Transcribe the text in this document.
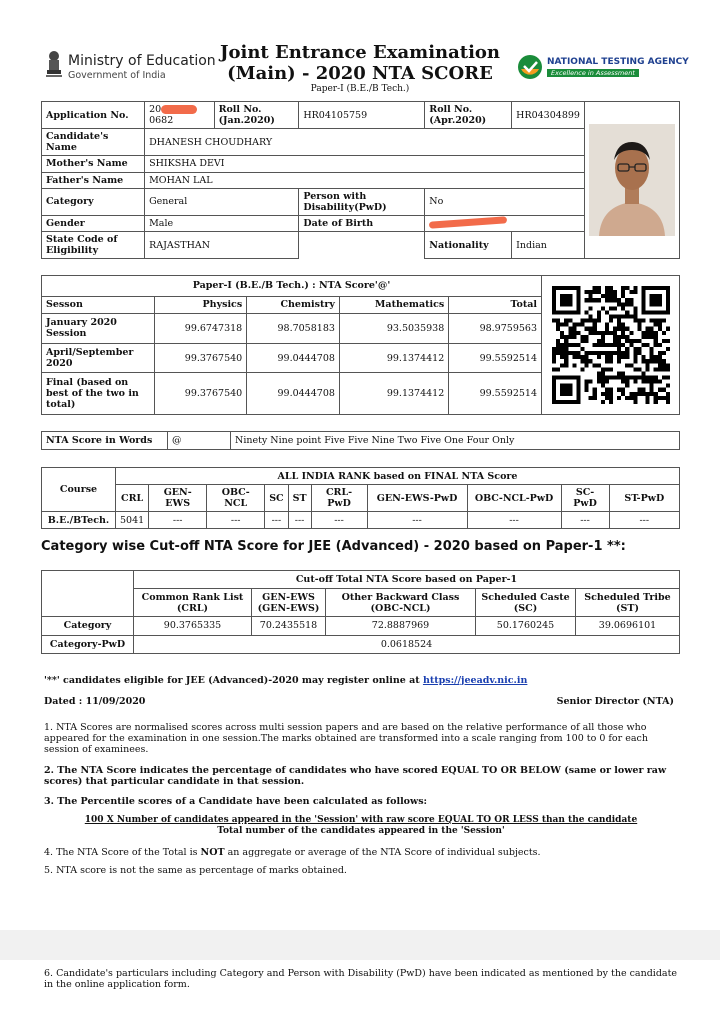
Ministry of Education
Government of India
Joint Entrance Examination
(Main) - 2020 NTA SCORE
Paper-I (B.E./B Tech.)
NATIONAL TESTING AGENCY
Excellence in Assessment
Application No.	200682	Roll No. (Jan.2020)	HR04105759	Roll No. (Apr.2020)	HR04304899	

Candidate's Name	DHANESH CHOUDHARY					
Mother's Name	SHIKSHA DEVI					
Father's Name	MOHAN LAL					
Category	General		Person with Disability(PwD)	No		
Gender	Male		Date of Birth			
State Code of Eligibility	RAJASTHAN			Nationality	Indian	
Paper-I (B.E./B Tech.) : NTA Score'@'				
Sesson	Physics	Chemistry	Mathematics	Total
January 2020 Session	99.6747318	98.7058183	93.5035938	98.9759563
April/September 2020	99.3767540	99.0444708	99.1374412	99.5592514
Final (based on best of the two in total)	99.3767540	99.0444708	99.1374412	99.5592514
NTA Score in Words	@	Ninety Nine point Five Five Nine Two Five One Four Only
Course	ALL INDIA RANK based on FINAL NTA Score									
	CRL	GEN-EWS	OBC-NCL	SC	ST	CRL-PwD	GEN-EWS-PwD	OBC-NCL-PwD	SC-PwD	ST-PwD
B.E./BTech.	5041	---	---	---	---	---	---	---	---	---
Category wise Cut-off NTA Score for JEE (Advanced) - 2020 based on Paper-1 **:
	Cut-off Total NTA Score based on Paper-1				
	Common Rank List (CRL)	GEN-EWS (GEN-EWS)	Other Backward Class (OBC-NCL)	Scheduled Caste (SC)	Scheduled Tribe (ST)
Category	90.3765335	70.2435518	72.8887969	50.1760245	39.0696101
Category-PwD	0.0618524				
'**' candidates eligible for JEE (Advanced)-2020 may register online at https://jeeadv.nic.in
Dated : 11/09/2020	Senior Director (NTA)
1. NTA Scores are normalised scores across multi session papers and are based on the relative performance of all those who appeared for the examination in one session.The marks obtained are transformed into a scale ranging from 100 to 0 for each session of examinees.
2. The NTA Score indicates the percentage of candidates who have scored EQUAL TO OR BELOW (same or lower raw scores) that particular candidate in that session.
3. The Percentile scores of a Candidate have been calculated as follows:
100 X Number of candidates appeared in the 'Session' with raw score EQUAL TO OR LESS than the candidate
Total number of the candidates appeared in the 'Session'
4. The NTA Score of the Total is NOT an aggregate or average of the NTA Score of individual subjects.
5. NTA score is not the same as percentage of marks obtained.
6. Candidate's particulars including Category and Person with Disability (PwD) have been indicated as mentioned by the candidate in the online application form.
